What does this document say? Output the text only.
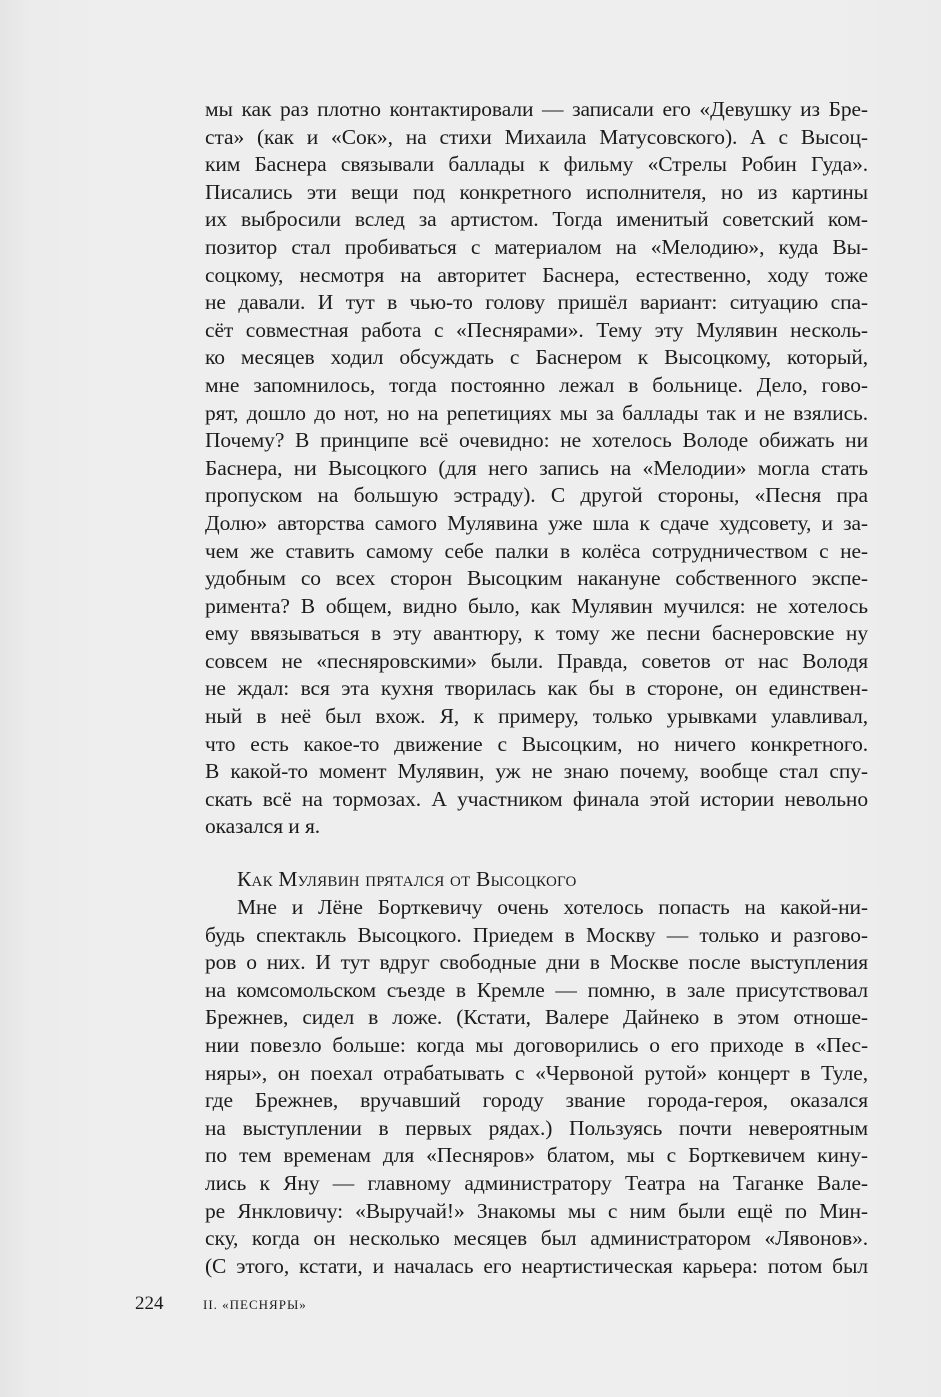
мы как раз плотно контактировали — записали его «Девушку из Бре-
ста» (как и «Сок», на стихи Михаила Матусовского). А с Высоц-
ким Баснера связывали баллады к фильму «Стрелы Робин Гуда».
Писались эти вещи под конкретного исполнителя, но из картины
их выбросили вслед за артистом. Тогда именитый советский ком-
позитор стал пробиваться с материалом на «Мелодию», куда Вы-
соцкому, несмотря на авторитет Баснера, естественно, ходу тоже
не давали. И тут в чью-то голову пришёл вариант: ситуацию спа-
сёт совместная работа с «Песнярами». Тему эту Мулявин несколь-
ко месяцев ходил обсуждать с Баснером к Высоцкому, который,
мне запомнилось, тогда постоянно лежал в больнице. Дело, гово-
рят, дошло до нот, но на репетициях мы за баллады так и не взялись.
Почему? В принципе всё очевидно: не хотелось Володе обижать ни
Баснера, ни Высоцкого (для него запись на «Мелодии» могла стать
пропуском на большую эстраду). С другой стороны, «Песня пра
Долю» авторства самого Мулявина уже шла к сдаче худсовету, и за-
чем же ставить самому себе палки в колёса сотрудничеством с не-
удобным со всех сторон Высоцким накануне собственного экспе-
римента? В общем, видно было, как Мулявин мучился: не хотелось
ему ввязываться в эту авантюру, к тому же песни баснеровские ну
совсем не «песняровскими» были. Правда, советов от нас Володя
не ждал: вся эта кухня творилась как бы в стороне, он единствен-
ный в неё был вхож. Я, к примеру, только урывками улавливал,
что есть какое-то движение с Высоцким, но ничего конкретного.
В какой-то момент Мулявин, уж не знаю почему, вообще стал спу-
скать всё на тормозах. А участником финала этой истории невольно
оказался и я.
Как Мулявин прятался от Высоцкого
Мне и Лёне Борткевичу очень хотелось попасть на какой-ни-
будь спектакль Высоцкого. Приедем в Москву — только и разгово-
ров о них. И тут вдруг свободные дни в Москве после выступления
на комсомольском съезде в Кремле — помню, в зале присутствовал
Брежнев, сидел в ложе. (Кстати, Валере Дайнеко в этом отноше-
нии повезло больше: когда мы договорились о его приходе в «Пес-
няры», он поехал отрабатывать с «Червоной рутой» концерт в Туле,
где Брежнев, вручавший городу звание города-героя, оказался
на выступлении в первых рядах.) Пользуясь почти невероятным
по тем временам для «Песняров» блатом, мы с Борткевичем кину-
лись к Яну — главному администратору Театра на Таганке Вале-
ре Янкловичу: «Выручай!» Знакомы мы с ним были ещё по Мин-
ску, когда он несколько месяцев был администратором «Лявонов».
(С этого, кстати, и началась его неартистическая карьера: потом был
224	II. «ПЕСНЯРЫ»
